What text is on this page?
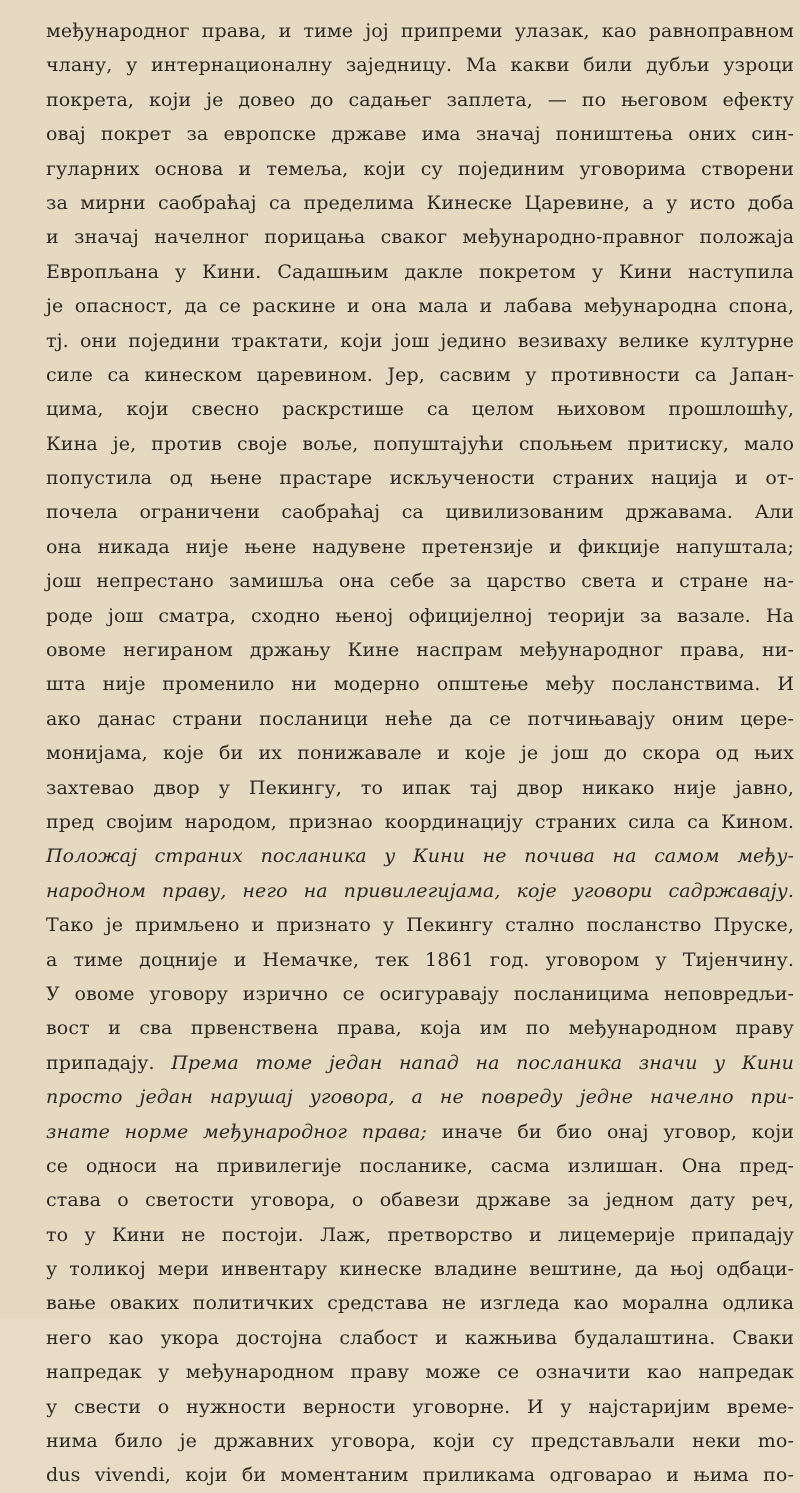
међународног права, и тиме јој припреми улазак, као равноправном
члану, у интернационалну заједницу. Ма какви били дубљи узроци
покрета, који је довео до садањег заплета, — по његовом ефекту
овај покрет за европске државе има значај поништења оних син-
гуларних основа и темеља, који су појединим уговорима створени
за мирни саобраћај са пределима Кинеске Царевине, а у исто доба
и значај начелног порицања сваког међународно-правног положаја
Европљана у Кини. Садашњим дакле покретом у Кини наступила
је опасност, да се раскине и она мала и лабава међународна спона,
тј. они поједини трактати, који још једино везиваху велике културне
силе са кинеском царевином. Јер, сасвим у противности са Јапан-
цима, који свесно раскрстише са целом њиховом прошлошћу,
Кина је, против своје воље, попуштајући спољњем притиску, мало
попустила од њене прастаре искључености страних нација и от-
почела ограничени саобраћај са цивилизованим државама. Али
она никада није њене надувене претензије и фикције напуштала;
још непрестано замишља она себе за царство света и стране на-
роде још сматра, сходно њеној официјелној теорији за вазале. На
овоме негираном држању Кине наспрам међународног права, ни-
шта није променило ни модерно општење међу посланствима. И
ако данас страни посланици неће да се потчињавају оним цере-
монијама, које би их понижавале и које је још до скора од њих
захтевао двор у Пекингу, то ипак тај двор никако није јавно,
пред својим народом, признао координацију страних сила са Кином.
Положај страних посланика у Кини не почива на самом међу-
народном праву, него на привилегијама, које уговори садржавају.
Тако је примљено и признато у Пекингу стално посланство Пруске,
а тиме доцније и Немачке, тек 1861 год. уговором у Тијенчину.
У овоме уговору изрично се осигуравају посланицима неповредљи-
вост и сва првенствена права, која им по међународном праву
припадају. Према томе један напад на посланика значи у Кини
просто један нарушај уговора, а не повреду једне начелно при-
знате норме међународног права; иначе би био онај уговор, који
се односи на привилегије посланике, сасма излишан. Она пред-
става о светости уговора, о обавези државе за једном дату реч,
то у Кини не постоји. Лаж, претворство и лицемерије припадају
у толикој мери инвентару кинеске владине вештине, да њој одбаци-
вање оваких политичких средстава не изгледа као морална одлика
него као укора достојна слабост и кажњива будалаштина. Сваки
напредак у међународном праву може се означити као напредак
у свести о нужности верности уговорне. И у најстаријим време-
нима било је државних уговора, који су представљали неки mo-
dus vivendi, који би моментаним приликама одговарао и њима по-
